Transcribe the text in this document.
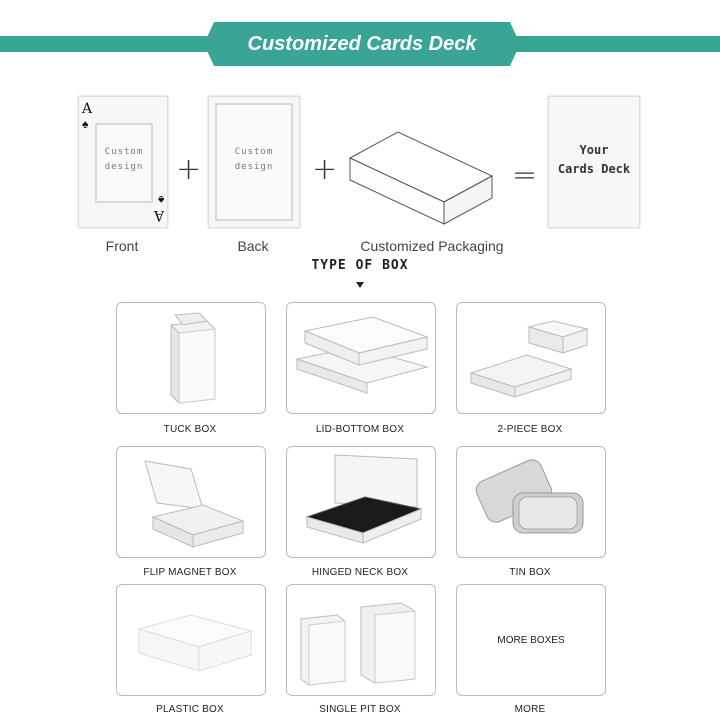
Customized Cards Deck
A
♠
Custom
design
♠
A
Front
+	Custom
design
Back
+
Customized Packaging
=
Your
Cards Deck
TYPE OF BOX
TUCK BOX	LID-BOTTOM BOX	2-PIECE BOX
FLIP MAGNET BOX	HINGED NECK BOX	TIN BOX
PLASTIC BOX	SINGLE PIT BOX
MORE BOXES
MORE
